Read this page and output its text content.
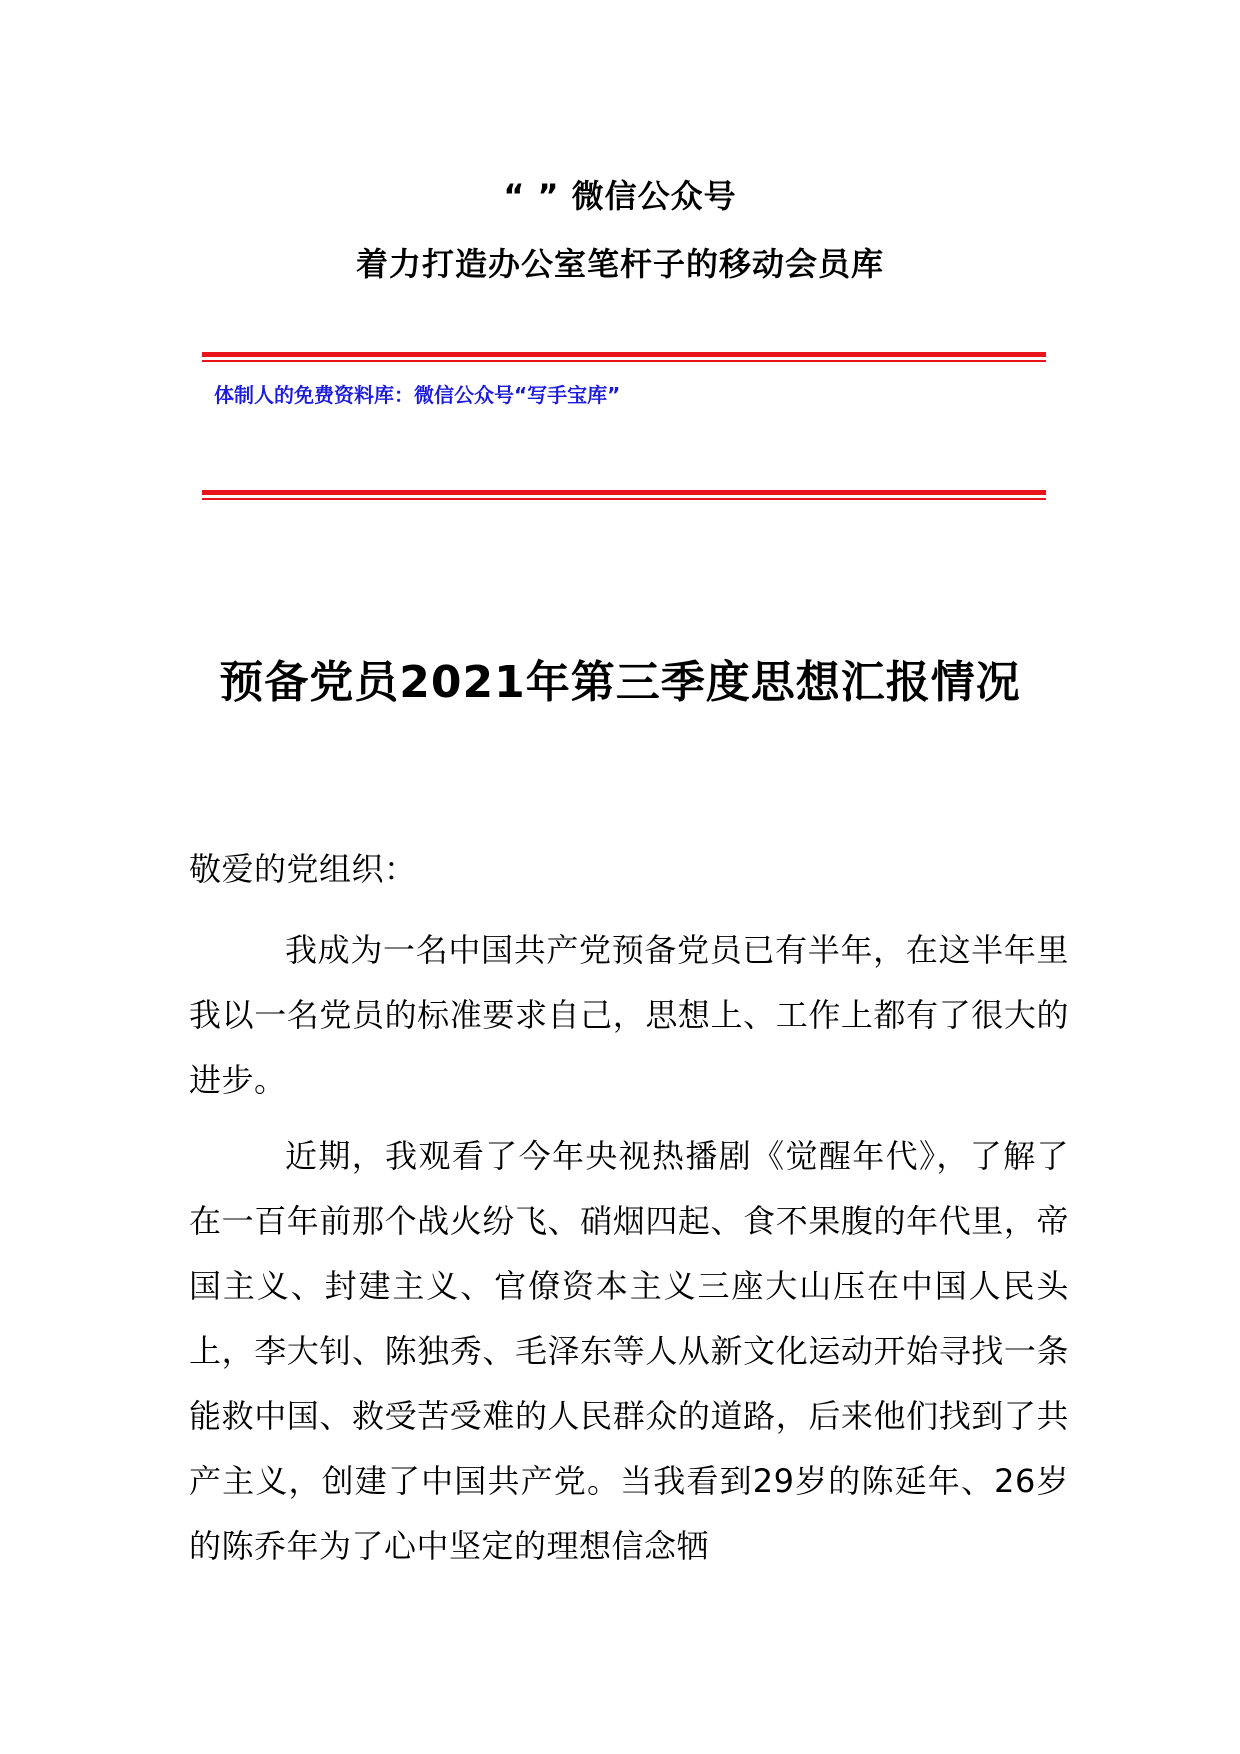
“ ” 微信公众号
着力打造办公室笔杆子的移动会员库
体制人的免费资料库：微信公众号“写手宝库”
预备党员2021年第三季度思想汇报情况
敬爱的党组织：
我成为一名中国共产党预备党员已有半年，在这半年里我以一名党员的标准要求自己，思想上、工作上都有了很大的进步。
近期，我观看了今年央视热播剧《觉醒年代》，了解了在一百年前那个战火纷飞、硝烟四起、食不果腹的年代里，帝国主义、封建主义、官僚资本主义三座大山压在中国人民头上，李大钊、陈独秀、毛泽东等人从新文化运动开始寻找一条能救中国、救受苦受难的人民群众的道路，后来他们找到了共产主义，创建了中国共产党。当我看到29岁的陈延年、26岁的陈乔年为了心中坚定的理想信念牺
